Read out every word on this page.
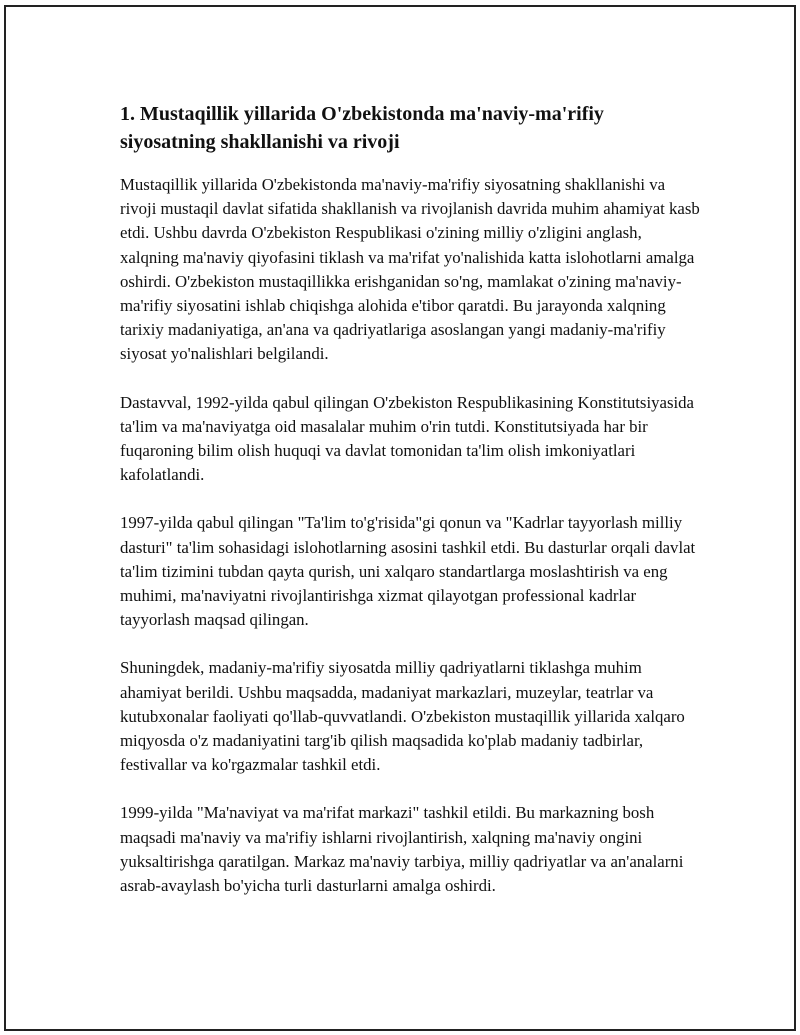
1. Mustaqillik yillarida O'zbekistonda ma'naviy-ma'rifiy siyosatning shakllanishi va rivoji

Mustaqillik yillarida O'zbekistonda ma'naviy-ma'rifiy siyosatning shakllanishi va rivoji mustaqil davlat sifatida shakllanish va rivojlanish davrida muhim ahamiyat kasb etdi. Ushbu davrda O'zbekiston Respublikasi o'zining milliy o'zligini anglash, xalqning ma'naviy qiyofasini tiklash va ma'rifat yo'nalishida katta islohotlarni amalga oshirdi. O'zbekiston mustaqillikka erishganidan so'ng, mamlakat o'zining ma'naviy-ma'rifiy siyosatini ishlab chiqishga alohida e'tibor qaratdi. Bu jarayonda xalqning tarixiy madaniyatiga, an'ana va qadriyatlariga asoslangan yangi madaniy-ma'rifiy siyosat yo'nalishlari belgilandi.

Dastavval, 1992-yilda qabul qilingan O'zbekiston Respublikasining Konstitutsiyasida ta'lim va ma'naviyatga oid masalalar muhim o'rin tutdi. Konstitutsiyada har bir fuqaroning bilim olish huquqi va davlat tomonidan ta'lim olish imkoniyatlari kafolatlandi.

1997-yilda qabul qilingan "Ta'lim to'g'risida"gi qonun va "Kadrlar tayyorlash milliy dasturi" ta'lim sohasidagi islohotlarning asosini tashkil etdi. Bu dasturlar orqali davlat ta'lim tizimini tubdan qayta qurish, uni xalqaro standartlarga moslashtirish va eng muhimi, ma'naviyatni rivojlantirishga xizmat qilayotgan professional kadrlar tayyorlash maqsad qilingan.

Shuningdek, madaniy-ma'rifiy siyosatda milliy qadriyatlarni tiklashga muhim ahamiyat berildi. Ushbu maqsadda, madaniyat markazlari, muzeylar, teatrlar va kutubxonalar faoliyati qo'llab-quvvatlandi. O'zbekiston mustaqillik yillarida xalqaro miqyosda o'z madaniyatini targ'ib qilish maqsadida ko'plab madaniy tadbirlar, festivallar va ko'rgazmalar tashkil etdi.

1999-yilda "Ma'naviyat va ma'rifat markazi" tashkil etildi. Bu markazning bosh maqsadi ma'naviy va ma'rifiy ishlarni rivojlantirish, xalqning ma'naviy ongini yuksaltirishga qaratilgan. Markaz ma'naviy tarbiya, milliy qadriyatlar va an'analarni asrab-avaylash bo'yicha turli dasturlarni amalga oshirdi.
